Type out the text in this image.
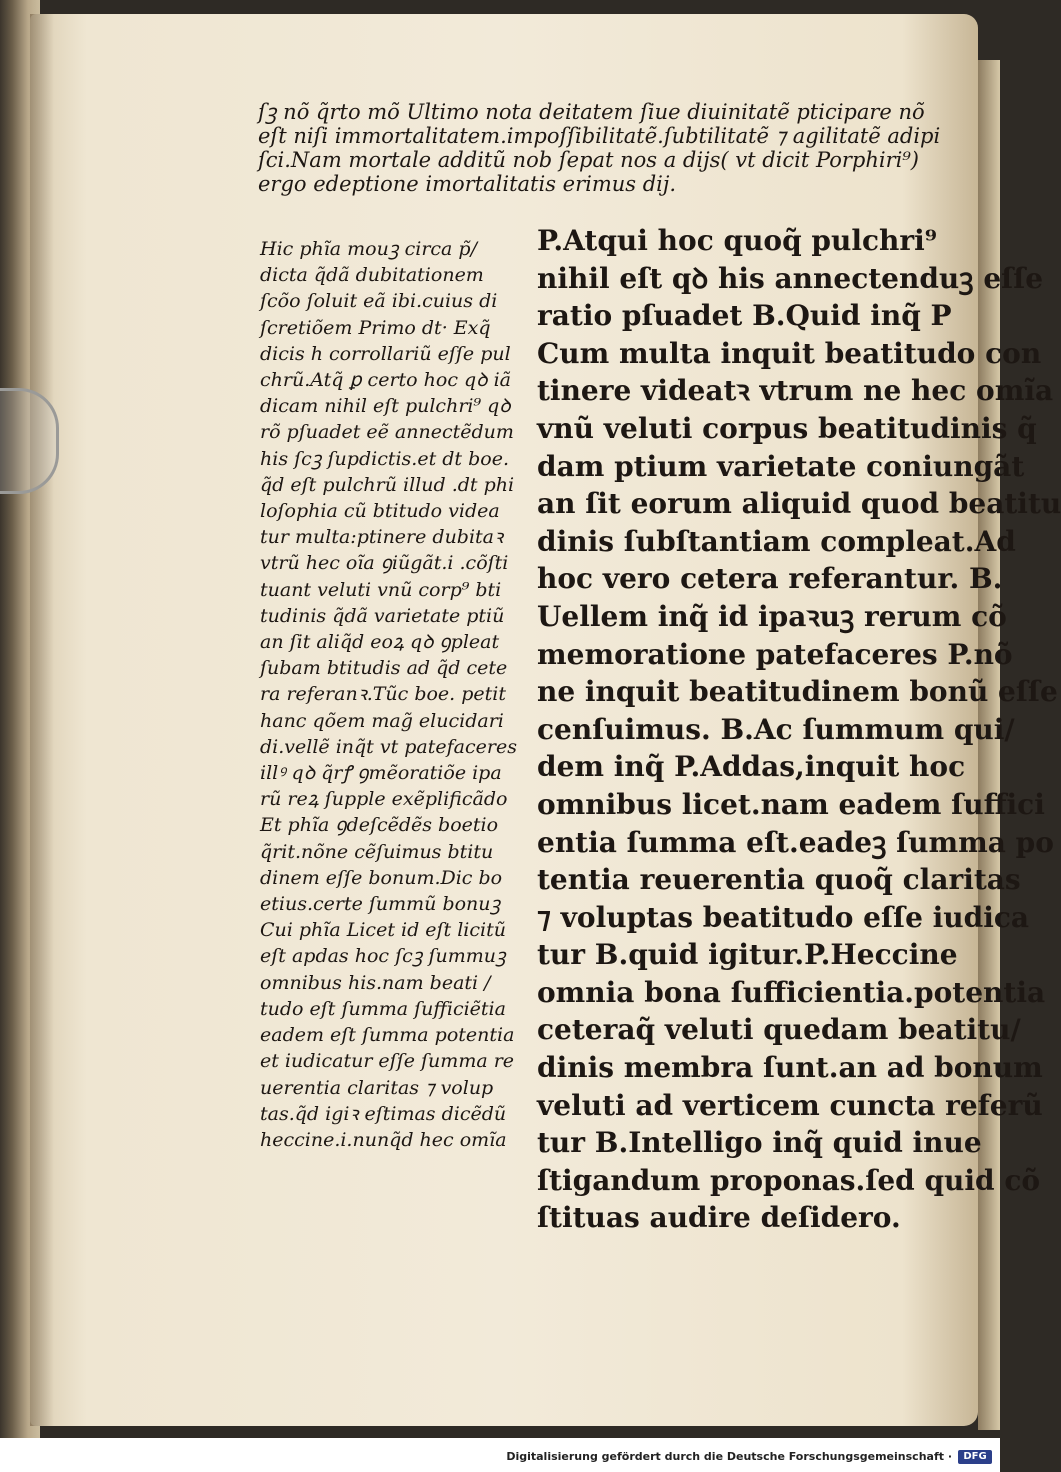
ſꝫ nõ q̃rto mõ Ultimo nota deitatem ſiue diuinitatẽ pticipare nõ
eſt niſi immortalitatem.impoſſibilitatẽ.ſubtilitatẽ ⁊ agilitatẽ adipi
ſci.Nam mortale additũ nob ſepat nos a dijs( vt dicit Porphiri⁹)
ergo edeptione imortalitatis erimus dij.
Hic phĩa mouꝫ circa p̃/
dicta q̃dã dubitationem
ſcõo ſoluit eã ibi.cuius di
ſcretiõem Primo dt· Exq̃
dicis h corrollariũ eſſe pul
chrũ.Atq̃ ꝑ certo hoc qꝺ iã
dicam nihil eſt pulchri⁹ qꝺ
rõ pſuadet eẽ annectẽdum
his ſcꝫ ſupdictis.et dt boe.
q̃d eſt pulchrũ illud .dt phi
loſophia cũ btitudo videa
tur multa:ptinere dubitaꝛ
vtrũ hec oĩa ꝯiũgãt.i .cõſti
tuant veluti vnũ corp⁹ bti
tudinis q̃dã varietate ptiũ
an ſit aliq̃d eoꝝ qꝺ ꝯpleat
ſubam btitudis ad q̃d cete
ra referanꝛ.Tũc boe. petit
hanc qõem mag̃ elucidari
di.vellẽ inq̃t vt patefaceres
illꝰ qꝺ q̃rꝭ ꝯmẽoratiõe ipa
rũ reꝝ ſupple exẽplificãdo
Et phĩa ꝯdeſcẽdẽs boetio
q̃rit.nõne cẽſuimus btitu
dinem eſſe bonum.Dic bo
etius.certe ſummũ bonuꝫ
Cui phĩa Licet id eſt licitũ
eſt apdas hoc ſcꝫ ſummuꝫ
omnibus his.nam beati /
tudo eſt ſumma ſufficiẽtia
eadem eſt ſumma potentia
et iudicatur eſſe ſumma re
uerentia claritas ⁊ volup
tas.q̃d igiꝛ eſtimas dicẽdũ
heccine.i.nunq̃d hec omĩa
P.Atqui hoc quoq̃ pulchri⁹
nihil eſt qꝺ his annectenduꝫ eſſe
ratio pſuadet B.Quid inq̃ P
Cum multa inquit beatitudo con
tinere videatꝛ vtrum ne hec omĩa
vnũ veluti corpus beatitudinis q̃
dam ptium varietate coniungãt
an ſit eorum aliquid quod beatitu
dinis ſubſtantiam compleat.Ad
hoc vero cetera referantur. B.
Uellem inq̃ id ipaꝛuꝫ rerum cõ
memoratione patefaceres P.nõ
ne inquit beatitudinem bonũ eſſe
cenſuimus. B.Ac ſummum qui/
dem inq̃ P.Addas,inquit hoc
omnibus licet.nam eadem ſuffici
entia ſumma eſt.eadeꝫ ſumma po
tentia reuerentia quoq̃ claritas
⁊ voluptas beatitudo eſſe iudica
tur B.quid igitur.P.Heccine
omnia bona ſufficientia.potentia
ceteraq̃ veluti quedam beatitu/
dinis membra ſunt.an ad bonum
veluti ad verticem cuncta referũ
tur B.Intelligo inq̃ quid inue
ſtigandum proponas.ſed quid cõ
ſtituas audire deſidero.
Digitalisierung gefördert durch die Deutsche Forschungsgemeinschaft ·	DFG
